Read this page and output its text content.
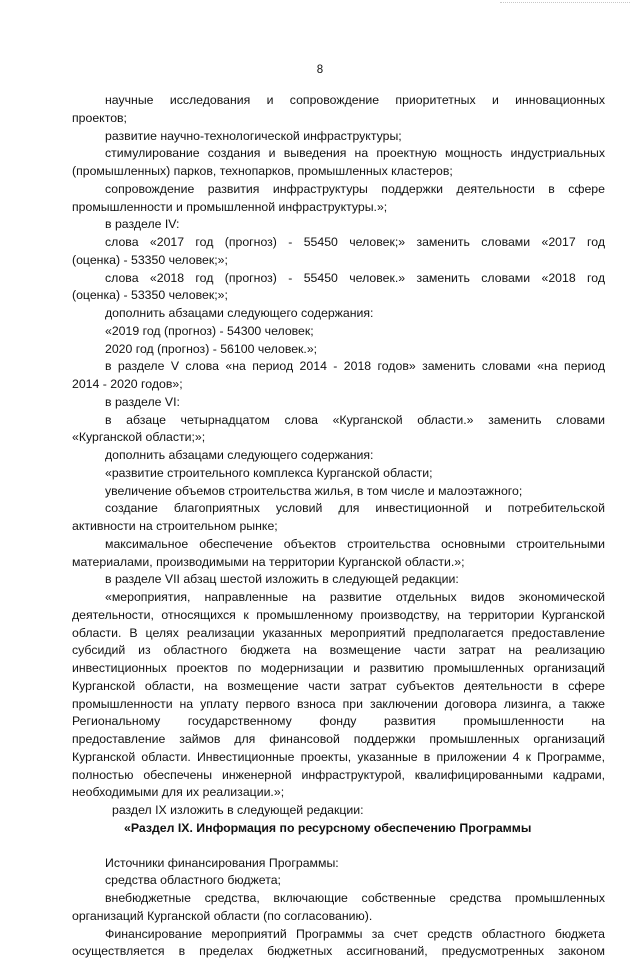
8
научные исследования и сопровождение приоритетных и инновационных
проектов;
развитие научно-технологической инфраструктуры;
стимулирование создания и выведения на проектную мощность индустриальных
(промышленных) парков, технопарков, промышленных кластеров;
сопровождение развития инфраструктуры поддержки деятельности в сфере
промышленности и промышленной инфраструктуры.»;
в разделе IV:
слова «2017 год (прогноз) - 55450 человек;» заменить словами «2017 год
(оценка) - 53350 человек;»;
слова «2018 год (прогноз) - 55450 человек.» заменить словами «2018 год
(оценка) - 53350 человек;»;
дополнить абзацами следующего содержания:
«2019 год (прогноз) - 54300 человек;
2020 год (прогноз) - 56100 человек.»;
в разделе V слова «на период 2014 - 2018 годов» заменить словами «на период
2014 - 2020 годов»;
в разделе VI:
в абзаце четырнадцатом слова «Курганской области.» заменить словами
«Курганской области;»;
дополнить абзацами следующего содержания:
«развитие строительного комплекса Курганской области;
увеличение объемов строительства жилья, в том числе и малоэтажного;
создание благоприятных условий для инвестиционной и потребительской
активности на строительном рынке;
максимальное обеспечение объектов строительства основными строительными
материалами, производимыми на территории Курганской области.»;
в разделе VII абзац шестой изложить в следующей редакции:
«мероприятия, направленные на развитие отдельных видов экономической
деятельности, относящихся к промышленному производству, на территории Курганской
области. В целях реализации указанных мероприятий предполагается предоставление
субсидий из областного бюджета на возмещение части затрат на реализацию
инвестиционных проектов по модернизации и развитию промышленных организаций
Курганской области, на возмещение части затрат субъектов деятельности в сфере
промышленности на уплату первого взноса при заключении договора лизинга, а также
Региональному государственному фонду развития промышленности на
предоставление займов для финансовой поддержки промышленных организаций
Курганской области. Инвестиционные проекты, указанные в приложении 4 к Программе,
полностью обеспечены инженерной инфраструктурой, квалифицированными кадрами,
необходимыми для их реализации.»;
раздел IX изложить в следующей редакции:
«Раздел IX. Информация по ресурсному обеспечению Программы
Источники финансирования Программы:
средства областного бюджета;
внебюджетные средства, включающие собственные средства промышленных
организаций Курганской области (по согласованию).
Финансирование мероприятий Программы за счет средств областного бюджета
осуществляется в пределах бюджетных ассигнований, предусмотренных законом
